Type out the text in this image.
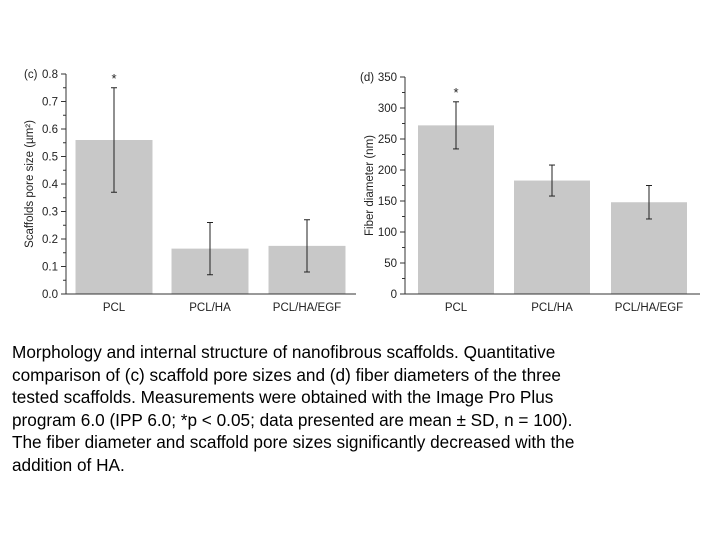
*
0.0
0.1
0.2
0.3
0.4
0.5
0.6
0.7
0.8
PCL	PCL/HA	PCL/HA/EGF
(c)
Scaffolds pore size (µm²)
*
0
50
100
150
200
250
300
350
PCL	PCL/HA	PCL/HA/EGF
(d)
Fiber diameter (nm)

Morphology and internal structure of nanofibrous scaffolds. Quantitative
comparison of (c) scaffold pore sizes and (d) fiber diameters of the three
tested scaffolds. Measurements were obtained with the Image Pro Plus
program 6.0 (IPP 6.0; *p < 0.05; data presented are mean ± SD, n = 100).
The fiber diameter and scaffold pore sizes significantly decreased with the
addition of HA.
